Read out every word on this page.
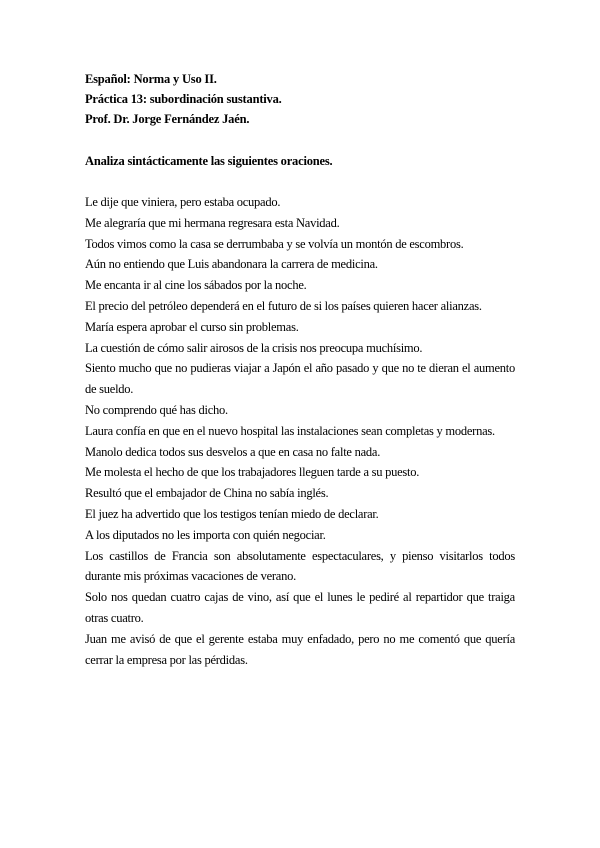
Español: Norma y Uso II.
Práctica 13: subordinación sustantiva.
Prof. Dr. Jorge Fernández Jaén.
Analiza sintácticamente las siguientes oraciones.
Le dije que viniera, pero estaba ocupado.
Me alegraría que mi hermana regresara esta Navidad.
Todos vimos como la casa se derrumbaba y se volvía un montón de escombros.
Aún no entiendo que Luis abandonara la carrera de medicina.
Me encanta ir al cine los sábados por la noche.
El precio del petróleo dependerá en el futuro de si los países quieren hacer alianzas.
María espera aprobar el curso sin problemas.
La cuestión de cómo salir airosos de la crisis nos preocupa muchísimo.
Siento mucho que no pudieras viajar a Japón el año pasado y que no te dieran el aumento de sueldo.
No comprendo qué has dicho.
Laura confía en que en el nuevo hospital las instalaciones sean completas y modernas.
Manolo dedica todos sus desvelos a que en casa no falte nada.
Me molesta el hecho de que los trabajadores lleguen tarde a su puesto.
Resultó que el embajador de China no sabía inglés.
El juez ha advertido que los testigos tenían miedo de declarar.
A los diputados no les importa con quién negociar.
Los castillos de Francia son absolutamente espectaculares, y pienso visitarlos todos durante mis próximas vacaciones de verano.
Solo nos quedan cuatro cajas de vino, así que el lunes le pediré al repartidor que traiga otras cuatro.
Juan me avisó de que el gerente estaba muy enfadado, pero no me comentó que quería cerrar la empresa por las pérdidas.
